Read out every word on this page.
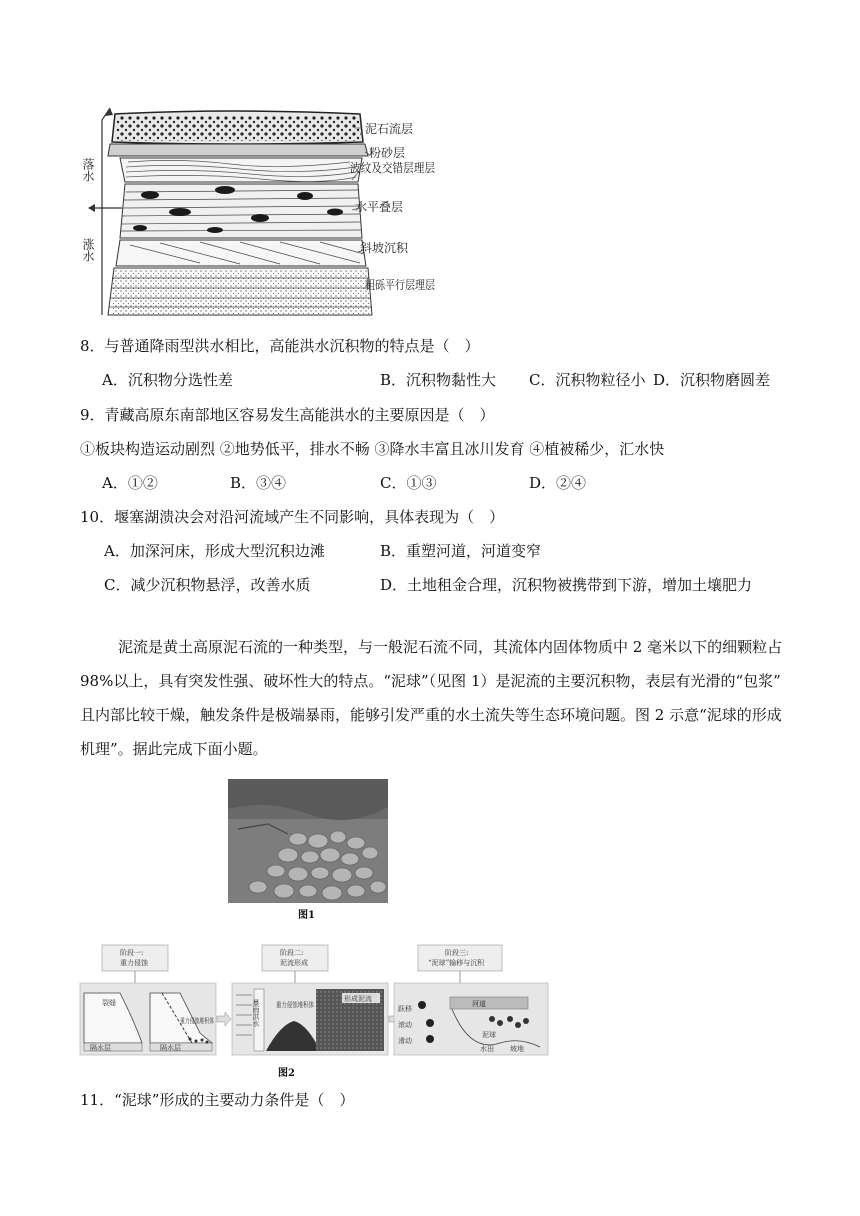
落水
涨水
泥石流层
粉砂层
波纹及交错层理层
水平叠层
斜坡沉积
粗砾平行层理层
8．与普通降雨型洪水相比，高能洪水沉积物的特点是（　）
A．沉积物分选性差	B．沉积物黏性大 C．沉积物粒径小 D．沉积物磨圆差
9．青藏高原东南部地区容易发生高能洪水的主要原因是（　）
①板块构造运动剧烈 ②地势低平，排水不畅 ③降水丰富且冰川发育 ④植被稀少，汇水快
A．①②	B．③④	C．①③	D．②④
10．堰塞湖溃决会对沿河流域产生不同影响，具体表现为（　）
A．加深河床，形成大型沉积边滩	B．重塑河道，河道变窄
C．减少沉积物悬浮，改善水质	D．土地租金合理，沉积物被携带到下游，增加土壤肥力
泥流是黄土高原泥石流的一种类型，与一般泥石流不同，其流体内固体物质中 2 毫米以下的细颗粒占
98%以上，具有突发性强、破坏性大的特点。“泥球”（见图 1）是泥流的主要沉积物，表层有光滑的“包浆”
且内部比较干燥，触发条件是极端暴雨，能够引发严重的水土流失等生态环境问题。图 2 示意“泥球的形成
机理”。据此完成下面小题。
图1
阶段一:
重力侵蚀
裂缝
隔水层
重力侵蚀堆积体
隔水层
阶段二:
泥流形成
暴雨洪水 重力侵蚀堆积体
形成泥流
阶段三:
“泥球”输移与沉积
河道
跃移
滚动
滑动
泥球
水田 坡地
图2
11．“泥球”形成的主要动力条件是（　）
